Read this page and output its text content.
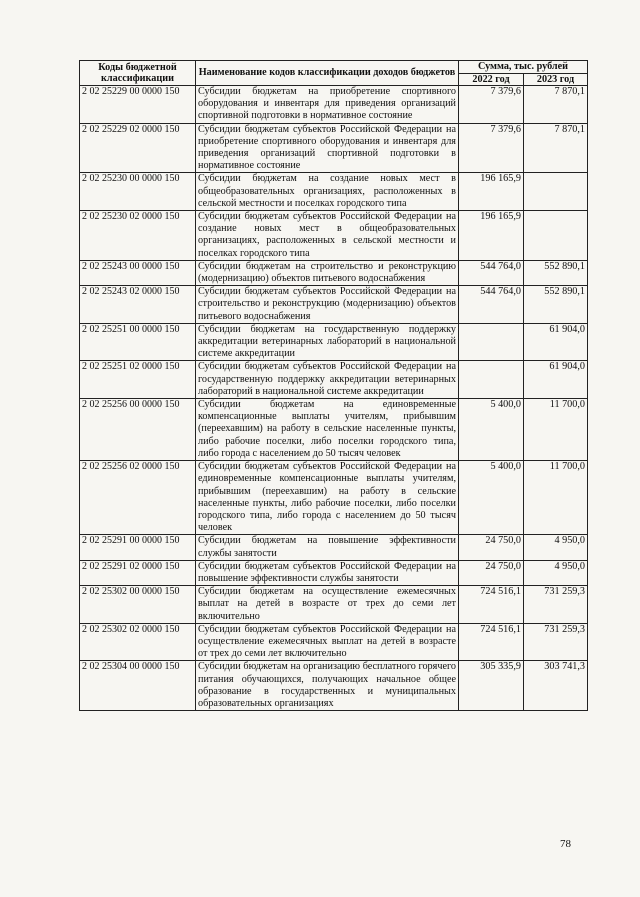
Коды бюджетной классификации	Наименование кодов классификации доходов бюджетов	Сумма, тыс. рублей	
		2022 год	2023 год
2 02 25229 00 0000 150	Субсидии бюджетам на приобретение спортивного оборудования и инвентаря для приведения организаций спортивной подготовки в нормативное состояние	7 379,6	7 870,1
2 02 25229 02 0000 150	Субсидии бюджетам субъектов Российской Федерации на приобретение спортивного оборудования и инвентаря для приведения организаций спортивной подготовки в нормативное состояние	7 379,6	7 870,1
2 02 25230 00 0000 150	Субсидии бюджетам на создание новых мест в общеобразовательных организациях, расположенных в сельской местности и поселках городского типа	196 165,9	
2 02 25230 02 0000 150	Субсидии бюджетам субъектов Российской Федерации на создание новых мест в общеобразовательных организациях, расположенных в сельской местности и поселках городского типа	196 165,9	
2 02 25243 00 0000 150	Субсидии бюджетам на строительство и реконструкцию (модернизацию) объектов питьевого водоснабжения	544 764,0	552 890,1
2 02 25243 02 0000 150	Субсидии бюджетам субъектов Российской Федерации на строительство и реконструкцию (модернизацию) объектов питьевого водоснабжения	544 764,0	552 890,1
2 02 25251 00 0000 150	Субсидии бюджетам на государственную поддержку аккредитации ветеринарных лабораторий в национальной системе аккредитации		61 904,0
2 02 25251 02 0000 150	Субсидии бюджетам субъектов Российской Федерации на государственную поддержку аккредитации ветеринарных лабораторий в национальной системе аккредитации		61 904,0
2 02 25256 00 0000 150	Субсидии бюджетам на единовременные компенсационные выплаты учителям, прибывшим (переехавшим) на работу в сельские населенные пункты, либо рабочие поселки, либо поселки городского типа, либо города с населением до 50 тысяч человек	5 400,0	11 700,0
2 02 25256 02 0000 150	Субсидии бюджетам субъектов Российской Федерации на единовременные компенсационные выплаты учителям, прибывшим (переехавшим) на работу в сельские населенные пункты, либо рабочие поселки, либо поселки городского типа, либо города с населением до 50 тысяч человек	5 400,0	11 700,0
2 02 25291 00 0000 150	Субсидии бюджетам на повышение эффективности службы занятости	24 750,0	4 950,0
2 02 25291 02 0000 150	Субсидии бюджетам субъектов Российской Федерации на повышение эффективности службы занятости	24 750,0	4 950,0
2 02 25302 00 0000 150	Субсидии бюджетам на осуществление ежемесячных выплат на детей в возрасте от трех до семи лет включительно	724 516,1	731 259,3
2 02 25302 02 0000 150	Субсидии бюджетам субъектов Российской Федерации на осуществление ежемесячных выплат на детей в возрасте от трех до семи лет включительно	724 516,1	731 259,3
2 02 25304 00 0000 150	Субсидии бюджетам на организацию бесплатного горячего питания обучающихся, получающих начальное общее образование в государственных и муниципальных образовательных организациях	305 335,9	303 741,3
78
